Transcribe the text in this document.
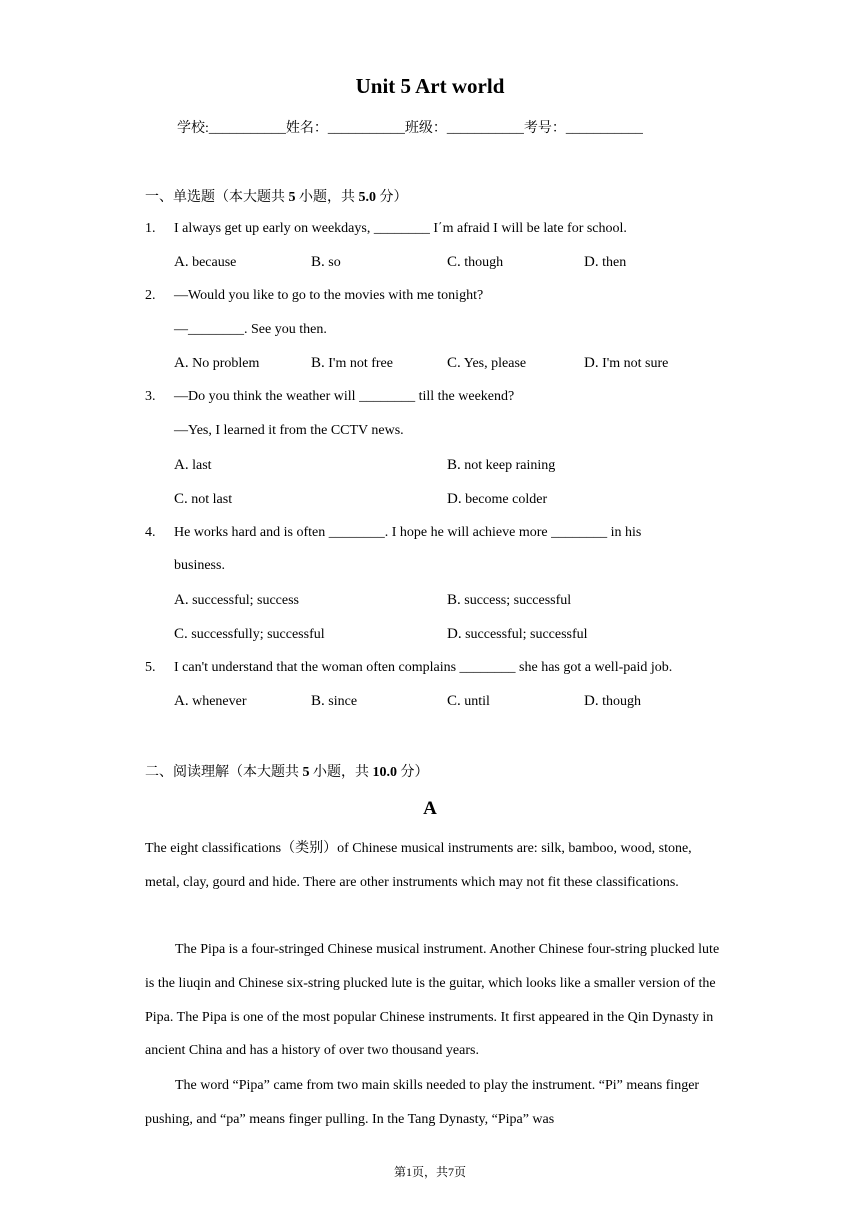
Unit 5 Art world
学校:___________姓名：___________班级：___________考号：___________
一、单选题（本大题共 5 小题，共 5.0 分）
1. I always get up early on weekdays, ________ I΄m afraid I will be late for school.
A. because	B. so	C. though	D. then
2. —Would you like to go to the movies with me tonight?
—________. See you then.
A. No problem	B. I'm not free	C. Yes, please	D. I'm not sure
3. —Do you think the weather will ________ till the weekend?
—Yes, I learned it from the CCTV news.
A. last	B. not keep raining
C. not last	D. become colder
4. He works hard and is often ________. I hope he will achieve more ________ in his
business.
A. successful; success	B. success; successful
C. successfully; successful	D. successful; successful
5. I can't understand that the woman often complains ________ she has got a well-paid job.
A. whenever	B. since	C. until	D. though
二、阅读理解（本大题共 5 小题，共 10.0 分）
A
The eight classifications（类别）of Chinese musical instruments are: silk, bamboo, wood, stone, metal, clay, gourd and hide. There are other instruments which may not fit these classifications.
The Pipa is a four-stringed Chinese musical instrument. Another Chinese four-string plucked lute is the liuqin and Chinese six-string plucked lute is the guitar, which looks like a smaller version of the Pipa. The Pipa is one of the most popular Chinese instruments. It first appeared in the Qin Dynasty in ancient China and has a history of over two thousand years.
The word “Pipa” came from two main skills needed to play the instrument. “Pi” means finger pushing, and “pa” means finger pulling. In the Tang Dynasty, “Pipa” was
第1页，共7页
